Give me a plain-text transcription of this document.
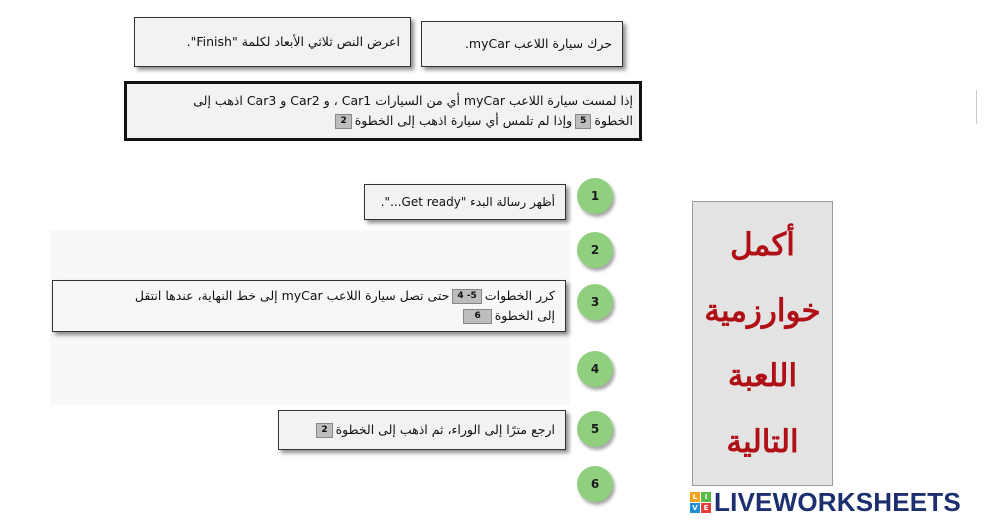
اعرض النص ثلاثي الأبعاد لكلمة "Finish".	حرك سيارة اللاعب myCar.
إذا لمست سيارة اللاعب myCar أي من السيارات Car1 ، و Car2 و Car3 اذهب إلى
الخطوة5وإذا لم تلمس أي سيارة اذهب إلى الخطوة2
أظهر رسالة البدء "Get ready...".
كرر الخطوات4 -5حتى تصل سيارة اللاعب myCar إلى خط النهاية، عندها انتقل
إلى الخطوة6
ارجع مترًا إلى الوراء، ثم اذهب إلى الخطوة2
1
2
3
4
5
6
أكمل
خوارزمية
اللعبة
التالية
L	I
V E LIVEWORKSHEETS
